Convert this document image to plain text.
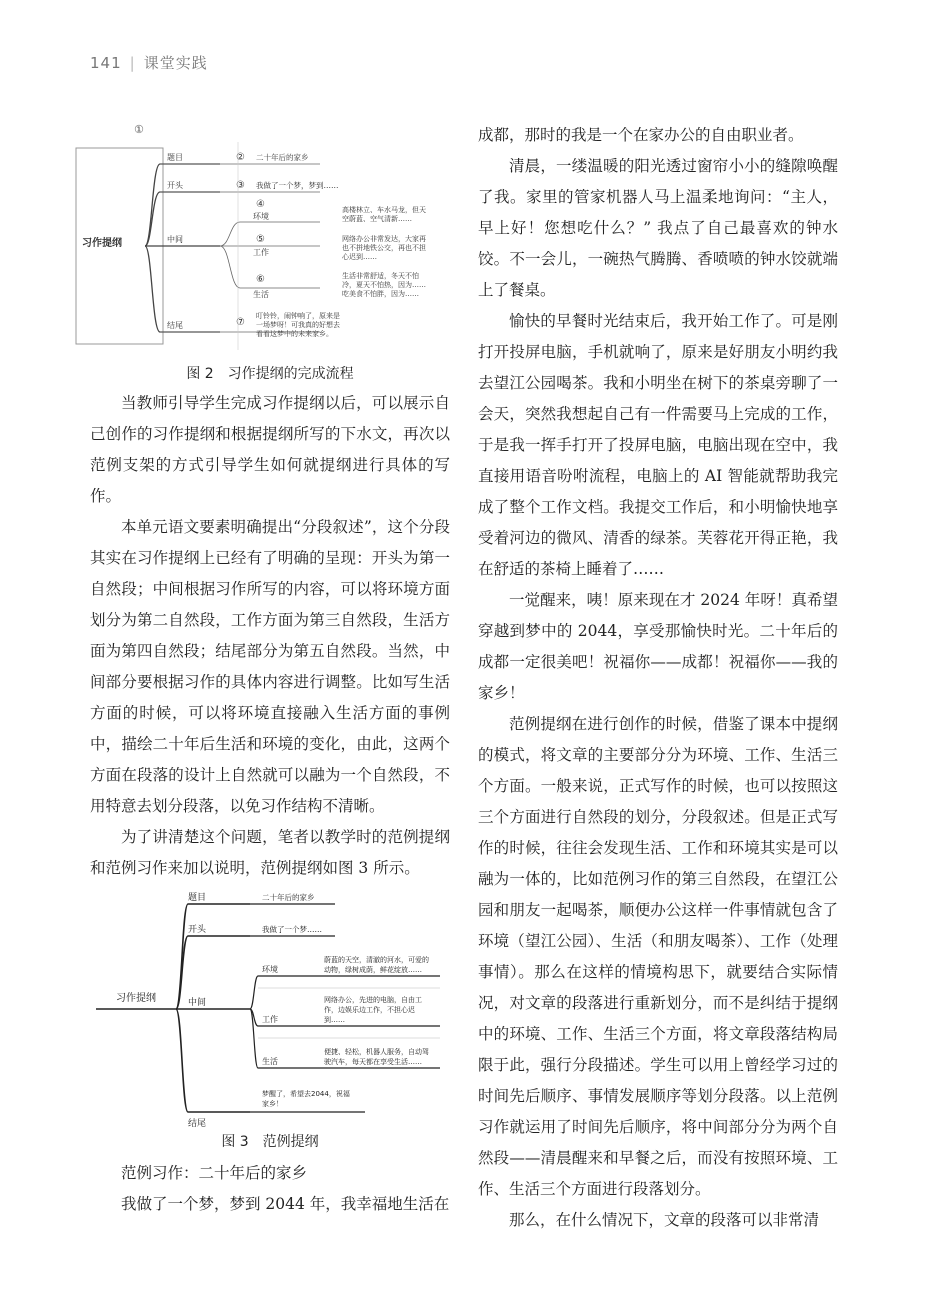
141 | 课堂实践
①
习作提纲
题目
开头
中间
结尾
环境
工作
生活
②
③
④
⑤
⑥
⑦
二十年后的家乡
我做了一个梦，梦到……
高楼林立、车水马龙，但天
空蔚蓝、空气清新……
网络办公非常发达，大家再
也不拼地铁公交，再也不担
心迟到……
生活非常舒适，冬天不怕
冷，夏天不怕热，因为……
吃美食不怕胖，因为……
叮铃铃，闹钟响了，原来是
一场梦呀！可我真的好想去
看看这梦中的未来家乡。
图 2 习作提纲的完成流程

当教师引导学生完成习作提纲以后，可以展示自己创作的习作提纲和根据提纲所写的下水文，再次以范例支架的方式引导学生如何就提纲进行具体的写作。

本单元语文要素明确提出“分段叙述”，这个分段其实在习作提纲上已经有了明确的呈现：开头为第一自然段；中间根据习作所写的内容，可以将环境方面划分为第二自然段，工作方面为第三自然段，生活方面为第四自然段；结尾部分为第五自然段。当然，中间部分要根据习作的具体内容进行调整。比如写生活方面的时候，可以将环境直接融入生活方面的事例中，描绘二十年后生活和环境的变化，由此，这两个方面在段落的设计上自然就可以融为一个自然段，不用特意去划分段落，以免习作结构不清晰。

为了讲清楚这个问题，笔者以教学时的范例提纲和范例习作来加以说明，范例提纲如图 3 所示。

习作提纲
题目
开头
中间
结尾
环境
工作
生活
二十年后的家乡
我做了一个梦……
蔚蓝的天空，清澈的河水，可爱的
动物，绿树成荫，鲜花绽放……
网络办公，先进的电脑，自由工
作，边娱乐边工作，不担心迟
到……
便捷、轻松，机器人服务，自动驾
驶汽车，每天都在享受生活……
梦醒了，希望去2044，祝福
家乡！
图 3 范例提纲

范例习作：二十年后的家乡

我做了一个梦，梦到 2044 年，我幸福地生活在

成都，那时的我是一个在家办公的自由职业者。

清晨，一缕温暖的阳光透过窗帘小小的缝隙唤醒了我。家里的管家机器人马上温柔地询问：“主人，早上好！您想吃什么？” 我点了自己最喜欢的钟水饺。不一会儿，一碗热气腾腾、香喷喷的钟水饺就端上了餐桌。

愉快的早餐时光结束后，我开始工作了。可是刚打开投屏电脑，手机就响了，原来是好朋友小明约我去望江公园喝茶。我和小明坐在树下的茶桌旁聊了一会天，突然我想起自己有一件需要马上完成的工作，于是我一挥手打开了投屏电脑，电脑出现在空中，我直接用语音吩咐流程，电脑上的 AI 智能就帮助我完成了整个工作文档。我提交工作后，和小明愉快地享受着河边的微风、清香的绿茶。芙蓉花开得正艳，我在舒适的茶椅上睡着了……

一觉醒来，咦！原来现在才 2024 年呀！真希望穿越到梦中的 2044，享受那愉快时光。二十年后的成都一定很美吧！祝福你——成都！祝福你——我的家乡！

范例提纲在进行创作的时候，借鉴了课本中提纲的模式，将文章的主要部分分为环境、工作、生活三个方面。一般来说，正式写作的时候，也可以按照这三个方面进行自然段的划分，分段叙述。但是正式写作的时候，往往会发现生活、工作和环境其实是可以融为一体的，比如范例习作的第三自然段，在望江公园和朋友一起喝茶，顺便办公这样一件事情就包含了环境（望江公园）、生活（和朋友喝茶）、工作（处理事情）。那么在这样的情境构思下，就要结合实际情况，对文章的段落进行重新划分，而不是纠结于提纲中的环境、工作、生活三个方面，将文章段落结构局限于此，强行分段描述。学生可以用上曾经学习过的时间先后顺序、事情发展顺序等划分段落。以上范例习作就运用了时间先后顺序，将中间部分分为两个自然段——清晨醒来和早餐之后，而没有按照环境、工作、生活三个方面进行段落划分。

那么，在什么情况下，文章的段落可以非常清
